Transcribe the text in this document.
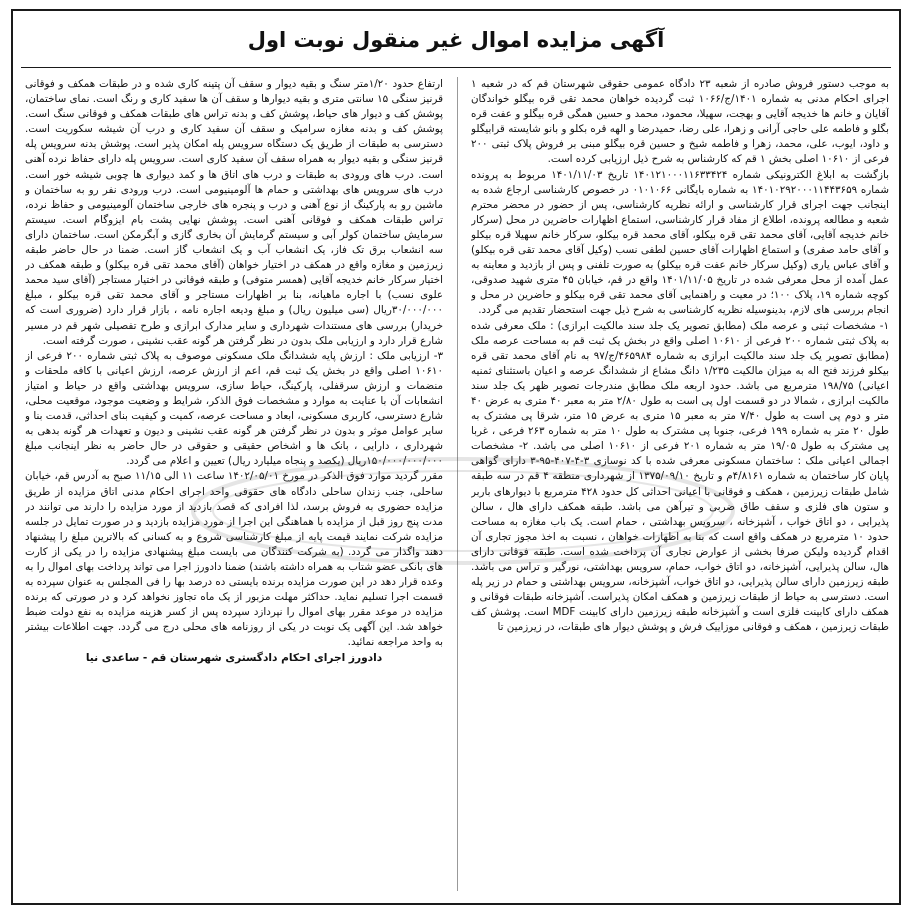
آگهی مزایده اموال غیر منقول نوبت اول

به موجب دستور فروش صادره از شعبه ۲۳ دادگاه عمومی حقوقی شهرستان قم که در شعبه ۱ اجرای احکام مدنی به شماره ۱۴۰۱/ج/۱۰۶۶ ثبت گردیده خواهان محمد تقی قره بیگلو خواندگان آقایان و خانم ها خدیجه آقایی و بهجت، سهیلا، محمود، محمد و حسین همگی قره بیگلو و عفت قره بگلو و فاطمه علی حاجی آرانی و زهرا، علی رضا، حمیدرضا و الهه قره بکلو و بانو شایسته قرابیگلو و داود، ایوب، علی، محمد، زهرا و فاطمه شیخ و حسین قره بیگلو مبنی بر فروش پلاک ثبتی ۲۰۰ فرعی از ۱۰۶۱۰ اصلی بخش ۱ قم که کارشناس به شرح ذیل ارزیابی کرده است.

بازگشت به ابلاغ الکترونیکی شماره ۱۴۰۱۲۱۰۰۰۱۱۶۳۳۴۲۴ تاریخ ۱۴۰۱/۱۱/۰۳ مربوط به پرونده شماره ۱۴۰۱۰۲۹۲۰۰۰۱۱۴۴۳۶۵۹ به شماره بایگانی ۰۱۰۱۰۶۶ در خصوص کارشناسی ارجاع شده به اینجانب جهت اجرای قرار کارشناسی و ارائه نظریه کارشناسی، پس از حضور در محضر محترم شعبه و مطالعه پرونده، اطلاع از مفاد قرار کارشناسی، استماع اظهارات حاضرین در محل (سرکار خانم خدیجه آقایی، آقای محمد تقی قره بیکلو، آقای محمد قره بیکلو، سرکار خانم سهیلا قره بیکلو و آقای حامد صفری) و استماع اظهارات آقای حسین لطفی نسب (وکیل آقای محمد تقی قره بیکلو) و آقای عباس یاری (وکیل سرکار خانم عفت قره بیکلو) به صورت تلفنی و پس از بازدید و معاینه به عمل آمده از محل معرفی شده در تاریخ ۱۴۰۱/۱۱/۰۵ واقع در قم، خیابان ۴۵ متری شهید صدوقی، کوچه شماره ۱۹، پلاک ۱۰۰؛ در معیت و راهنمایی آقای محمد تقی قره بیکلو و حاضرین در محل و انجام بررسی های لازم، بدینوسیله نظریه کارشناسی به شرح ذیل جهت استحضار تقدیم می گردد.

۱- مشخصات ثبتی و عرصه ملک (مطابق تصویر یک جلد سند مالکیت ابرازی) : ملک معرفی شده به پلاک ثبتی شماره ۲۰۰ فرعی از ۱۰۶۱۰ اصلی واقع در بخش یک ثبت قم به مساحت عرصه ملک (مطابق تصویر یک جلد سند مالکیت ابرازی به شماره ۴۶۵۹۸۴/ج/۹۷ به نام آقای محمد تقی قره بیکلو فرزند فتح اله به میزان مالکیت ۱/۲۳۵ دانگ مشاع از ششدانگ عرصه و اعیان باستثنای ثمنیه اعیانی) ۱۹۸/۷۵ مترمربع می باشد. حدود اربعه ملک مطابق مندرجات تصویر ظهر یک جلد سند مالکیت ابرازی ، شمالا در دو قسمت اول پی است به طول ۲/۸۰ متر به معبر ۴۰ متری به عرض ۴۰ متر و دوم پی است به طول ۷/۴۰ متر به معبر ۱۵ متری به عرض ۱۵ متر، شرقا پی مشترک به طول ۲۰ متر به شماره ۱۹۹ فرعی، جنوبا پی مشترک به طول ۱۰ متر به شماره ۲۶۳ فرعی ، غربا پی مشترک به طول ۱۹/۰۵ متر به شماره ۲۰۱ فرعی از ۱۰۶۱۰ اصلی می باشد. ۲- مشخصات اجمالی اعیانی ملک : ساختمان مسکونی معرفی شده با کد نوسازی ۳-۴-۴۰۷-۹۵-۳ دارای گواهی پایان کار ساختمان به شماره ۴/۸۱۶۱م و تاریخ ۱۳۷۵/۰۹/۱۰ از شهرداری منطقه ۴ قم در سه طبقه شامل طبقات زیرزمین ، همکف و فوقانی با اعیانی احداثی کل حدود ۴۲۸ مترمربع با دیوارهای باربر و ستون های فلزی و سقف طاق ضربی و تیرآهن می باشد. طبقه همکف دارای هال ، سالن پذیرایی ، دو اتاق خواب ، آشپزخانه ، سرویس بهداشتی ، حمام است. یک باب مغازه به مساحت حدود ۱۰ مترمربع در همکف واقع است که بنا به اظهارات خواهان ، نسبت به اخذ مجوز تجاری آن اقدام گردیده ولیکن صرفا بخشی از عوارض تجاری آن پرداخت شده است. طبقه فوقانی دارای هال، سالن پذیرایی، آشپزخانه، دو اتاق خواب، حمام، سرویس بهداشتی، نورگیر و تراس می باشد. طبقه زیرزمین دارای سالن پذیرایی، دو اتاق خواب، آشپزخانه، سرویس بهداشتی و حمام در زیر پله است. دسترسی به حیاط از طبقات زیرزمین و همکف امکان پذیراست. آشپزخانه طبقات فوقانی و همکف دارای کابینت فلزی است و آشپزخانه طبقه زیرزمین دارای کابینت MDF است. پوشش کف طبقات زیرزمین ، همکف و فوقانی موزاییک فرش و پوشش دیوار های طبقات، در زیرزمین تا

ارتفاع حدود ۱/۲۰متر سنگ و بقیه دیوار و سقف آن پتینه کاری شده و در طبقات همکف و فوقانی قرنیز سنگی ۱۵ سانتی متری و بقیه دیوارها و سقف آن ها سفید کاری و رنگ است. نمای ساختمان، پوشش کف و دیوار های حیاط، پوشش کف و بدنه تراس های طبقات همکف و فوقانی سنگ است. پوشش کف و بدنه مغازه سرامیک و سقف آن سفید کاری و درب آن شیشه سکوریت است. دسترسی به طبقات از طریق یک دستگاه سرویس پله امکان پذیر است. پوشش بدنه سرویس پله قرنیز سنگی و بقیه دیوار به همراه سقف آن سفید کاری است. سرویس پله دارای حفاظ نرده آهنی است. درب های ورودی به طبقات و درب های اتاق ها و کمد دیواری ها چوبی شیشه خور است. درب های سرویس های بهداشتی و حمام ها آلومینیومی است. درب ورودی نفر رو به ساختمان و ماشین رو به پارکینگ از نوع آهنی و درب و پنجره های خارجی ساختمان آلومینیومی و حفاظ نرده، تراس طبقات همکف و فوقانی آهنی است. پوشش نهایی پشت بام ایزوگام است. سیستم سرمایش ساختمان کولر آبی و سیستم گرمایش آن بخاری گازی و آبگرمکن است. ساختمان دارای سه انشعاب برق تک فاز، یک انشعاب آب و یک انشعاب گاز است. ضمنا در حال حاضر طبقه زیرزمین و مغازه واقع در همکف در اختیار خواهان (آقای محمد تقی قره بیکلو) و طبقه همکف در اختیار سرکار خانم خدیجه آقایی (همسر متوفی) و طبقه فوقانی در اختیار مستاجر (آقای سید محمد علوی نسب) با اجاره ماهیانه، بنا بر اظهارات مستاجر و آقای محمد تقی قره بیکلو ، مبلغ ۳۰/۰۰۰/۰۰۰ریال (سی میلیون ریال) و مبلغ ودیعه اجاره نامه ، بازار قرار دارد (ضروری است که خریدار) بررسی های مستندات شهرداری و سایر مدارک ابرازی و طرح تفصیلی شهر قم در مسیر شارع قرار دارد و ارزیابی ملک بدون در نظر گرفتن هر گونه عقب نشینی ، صورت گرفته است.

۳- ارزیابی ملک : ارزش پایه ششدانگ ملک مسکونی موصوف به پلاک ثبتی شماره ۲۰۰ فرعی از ۱۰۶۱۰ اصلی واقع در بخش یک ثبت قم، اعم از ارزش عرصه، ارزش اعیانی با کافه ملحقات و منضمات و ارزش سرقفلی، پارکینگ، حیاط سازی، سرویس بهداشتی واقع در حیاط و امتیاز انشعابات آن با عنایت به موارد و مشخصات فوق الذکر، شرایط و وضعیت موجود، موقعیت محلی، شارع دسترسی، کاربری مسکونی، ابعاد و مساحت عرصه، کمیت و کیفیت بنای احداثی، قدمت بنا و سایر عوامل موثر و بدون در نظر گرفتن هر گونه عقب نشینی و دیون و تعهدات هر گونه بدهی به شهرداری ، دارایی ، بانک ها و اشخاص حقیقی و حقوقی در حال حاضر به نظر اینجانب مبلغ ۱۵۰/۰۰۰/۰۰۰/۰۰۰ریال (یکصد و پنجاه میلیارد ریال) تعیین و اعلام می گردد.

مقرر گردید موارد فوق الذکر در مورخ ۱۴۰۲/۰۵/۰۱ ساعت ۱۱ الی ۱۱/۱۵ صبح به آدرس قم، خیابان ساحلی، جنب زندان ساحلی دادگاه های حقوقی واحد اجرای احکام مدنی اتاق مزایده از طریق مزایده حضوری به فروش برسد، لذا افرادی که قصد بازدید از مورد مزایده را دارند می توانند در مدت پنج روز قبل از مزایده با هماهنگی این اجرا از مورد مزایده بازدید و در صورت تمایل در جلسه مزایده شرکت نمایند قیمت پایه از مبلغ کارشناسی شروع و به کسانی که بالاترین مبلغ را پیشنهاد دهند واگذار می گردد. (به شرکت کنندگان می بایست مبلغ پیشنهادی مزایده را در یکی از کارت های بانکی عضو شتاب به همراه داشته باشند) ضمنا دادورز اجرا می تواند پرداخت بهای اموال را به وعده قرار دهد در این صورت مزایده برنده بایستی ده درصد بها را فی المجلس به عنوان سپرده به قسمت اجرا تسلیم نماید. حداکثر مهلت مزبور از یک ماه تجاوز نخواهد کرد و در صورتی که برنده مزایده در موعد مقرر بهای اموال را نپردازد سپرده پس از کسر هزینه مزایده به نفع دولت ضبط خواهد شد. این آگهی یک نوبت در یکی از روزنامه های محلی درج می گردد. جهت اطلاعات بیشتر به واحد مراجعه نمائید.

دادورز اجرای احکام دادگستری شهرستان قم - ساعدی نیا
